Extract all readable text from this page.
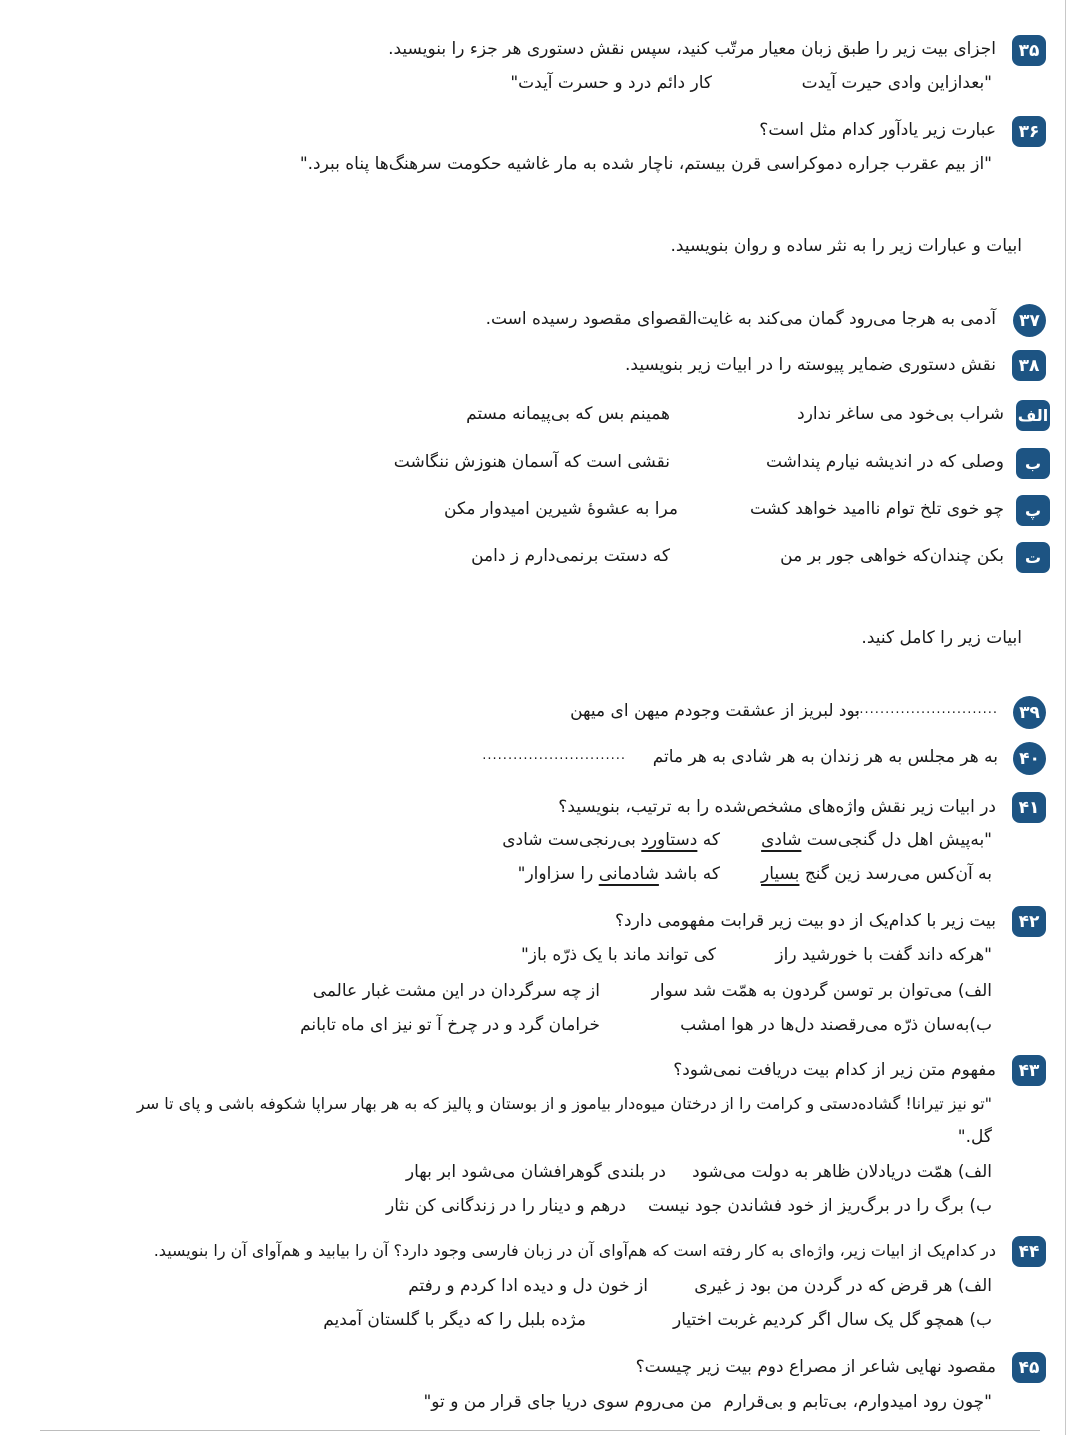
۳۵
اجزای بیت زیر را طبق زبان معیار مرتّب کنید، سپس نقش دستوری هر جزء را بنویسید.
"بعدازاین وادی حیرت آیدت
کار دائم درد و حسرت آیدت"
۳۶
عبارت زیر یادآور کدام مثل است؟
"از بیم عقرب جراره دموکراسی قرن بیستم، ناچار شده به مار غاشیه حکومت سرهنگ‌ها پناه ببرد."
ابیات و عبارات زیر را به نثر ساده و روان بنویسید.
۳۷
آدمی به هرجا می‌رود گمان می‌کند به غایت‌القصوای مقصود رسیده است.
۳۸
نقش دستوری ضمایر پیوسته را در ابیات زیر بنویسید.
الف
شراب بی‌خود می ساغر ندارد
همینم بس که بی‌پیمانه مستم
ب
وصلی که در اندیشه نیارم پنداشت
نقشی است که آسمان هنوزش ننگاشت
پ
چو خوی تلخ توام ناامید خواهد کشت
مرا به عشوهٔ شیرین امیدوار مکن
ت
بکن چندان‌که خواهی جور بر من
که دستت برنمی‌دارم ز دامن
ابیات زیر را کامل کنید.
۳۹
............................
بود لبریز از عشقت وجودم میهن ای میهن
۴۰
به هر مجلس به هر زندان به هر شادی به هر ماتم
............................
۴۱
در ابیات زیر نقش واژه‌های مشخص‌شده را به ترتیب، بنویسید؟
"به‌پیش اهل دل گنجی‌ست شادی
که دستاورد بی‌رنجی‌ست شادی
به آن‌کس می‌رسد زین گنج بسیار
که باشد شادمانی را سزاوار"
۴۲
بیت زیر با کدام‌یک از دو بیت زیر قرابت مفهومی دارد؟
"هرکه داند گفت با خورشید راز
کی تواند ماند با یک ذرّه باز"
الف) می‌توان بر توسن گردون به همّت شد سوار
از چه سرگردان در این مشت غبار عالمی
ب)به‌سان ذرّه می‌رقصند دل‌ها در هوا امشب
خرامان گرد و در چرخ آ تو نیز ای ماه تابانم
۴۳
مفهوم متن زیر از کدام بیت دریافت نمی‌شود؟
"تو نیز تیرانا! گشاده‌دستی و کرامت را از درختان میوه‌دار بیاموز و از بوستان و پالیز که به هر بهار سراپا شکوفه باشی و پای تا سر
گل."
الف) همّت دریادلان ظاهر به دولت می‌شود
در بلندی گوهرافشان می‌شود ابر بهار
ب) برگ را در برگ‌ریز از خود فشاندن جود نیست
درهم و دینار را در زندگانی کن نثار
۴۴
در کدام‌یک از ابیات زیر، واژه‌ای به کار رفته است که هم‌آوای آن در زبان فارسی وجود دارد؟ آن را بیابید و هم‌آوای آن را بنویسید.
الف) هر قرض که در گردن من بود ز غیری
از خون دل و دیده ادا کردم و رفتم
ب) همچو گل یک سال اگر کردیم غربت اختیار
مژده بلبل را که دیگر با گلستان آمدیم
۴۵
مقصود نهایی شاعر از مصراع دوم بیت زیر چیست؟
"چون رود امیدوارم، بی‌تابم و بی‌قرارم
من می‌روم سوی دریا جای قرار من و تو"
